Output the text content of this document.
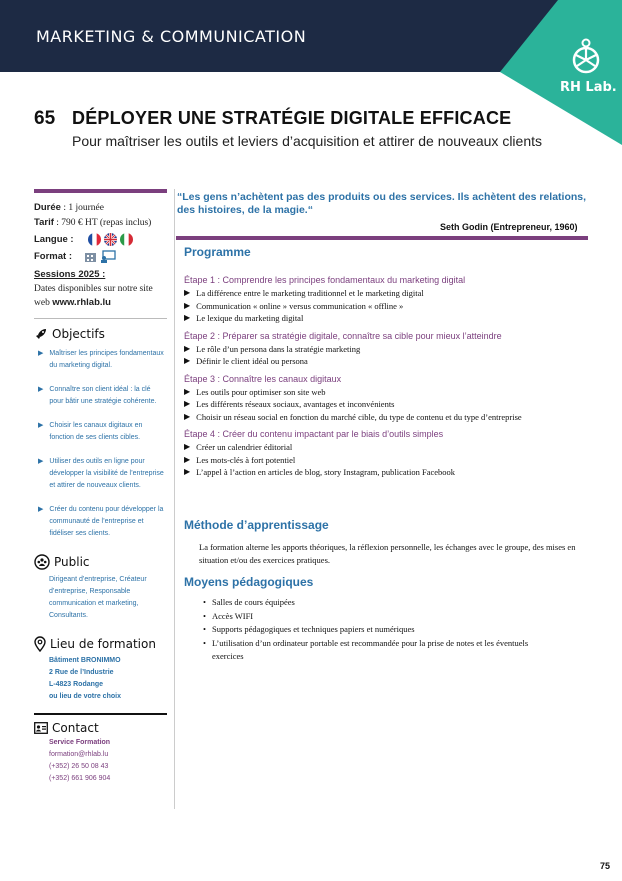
MARKETING & COMMUNICATION
RH Lab.
65 DÉPLOYER UNE STRATÉGIE DIGITALE EFFICACE
Pour maîtriser les outils et leviers d’acquisition et attirer de nouveaux clients
Durée : 1 journée
Tarif : 790 € HT (repas inclus)
Langue :
Format :
Sessions 2025 :
Dates disponibles sur notre site web www.rhlab.lu
Objectifs
▶ Maîtriser les principes fondamentaux du marketing digital.
▶ Connaître son client idéal : la clé pour bâtir une stratégie cohérente.
▶ Choisir les canaux digitaux en fonction de ses clients cibles.
▶ Utiliser des outils en ligne pour développer la visibilité de l’entreprise et attirer de nouveaux clients.
▶ Créer du contenu pour développer la communauté de l’entreprise et fidéliser ses clients.
Public
Dirigeant d’entreprise, Créateur d’entreprise, Responsable communication et marketing, Consultants.
Lieu de formation
Bâtiment BRONIMMO
2 Rue de l’Industrie
L-4823 Rodange
ou lieu de votre choix
Contact
Service Formation
formation@rhlab.lu
(+352) 26 50 08 43
(+352) 661 906 904
“Les gens n’achètent pas des produits ou des services. Ils achètent des relations, des histoires, de la magie.“
Seth Godin (Entrepreneur, 1960)
Programme
Étape 1 : Comprendre les principes fondamentaux du marketing digital
▶ La différence entre le marketing traditionnel et le marketing digital
▶ Communication « online » versus communication « offline »
▶ Le lexique du marketing digital
Étape 2 : Préparer sa stratégie digitale, connaître sa cible pour mieux l’atteindre
▶ Le rôle d’un persona dans la stratégie marketing
▶ Définir le client idéal ou persona
Étape 3 : Connaître les canaux digitaux
▶ Les outils pour optimiser son site web
▶ Les différents réseaux sociaux, avantages et inconvénients
▶ Choisir un réseau social en fonction du marché cible, du type de contenu et du type d’entreprise
Étape 4 : Créer du contenu impactant par le biais d’outils simples
▶ Créer un calendrier éditorial
▶ Les mots-clés à fort potentiel
▶ L’appel à l’action en articles de blog, story Instagram, publication Facebook
Méthode d’apprentissage
La formation alterne les apports théoriques, la réflexion personnelle, les échanges avec le groupe, des mises en situation et/ou des exercices pratiques.
Moyens pédagogiques
• Salles de cours équipées
• Accès WIFI
• Supports pédagogiques et techniques papiers et numériques
• L’utilisation d’un ordinateur portable est recommandée pour la prise de notes et les éventuels exercices
75
